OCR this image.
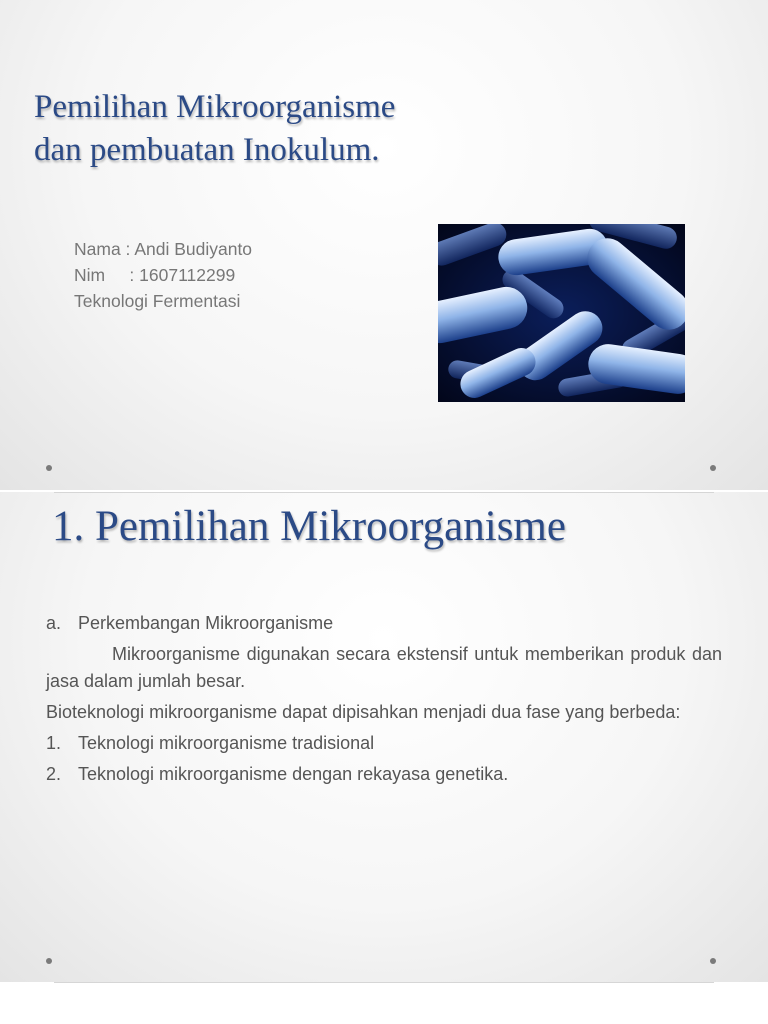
Pemilihan Mikroorganisme
dan pembuatan Inokulum.
Nama : Andi Budiyanto
Nim     : 1607112299
Teknologi Fermentasi
1. Pemilihan Mikroorganisme
a. Perkembangan Mikroorganisme
Mikroorganisme digunakan secara ekstensif untuk memberikan produk dan jasa dalam jumlah besar.
Bioteknologi mikroorganisme dapat dipisahkan menjadi dua fase yang berbeda:
1. Teknologi mikroorganisme tradisional
2. Teknologi mikroorganisme dengan rekayasa genetika.
